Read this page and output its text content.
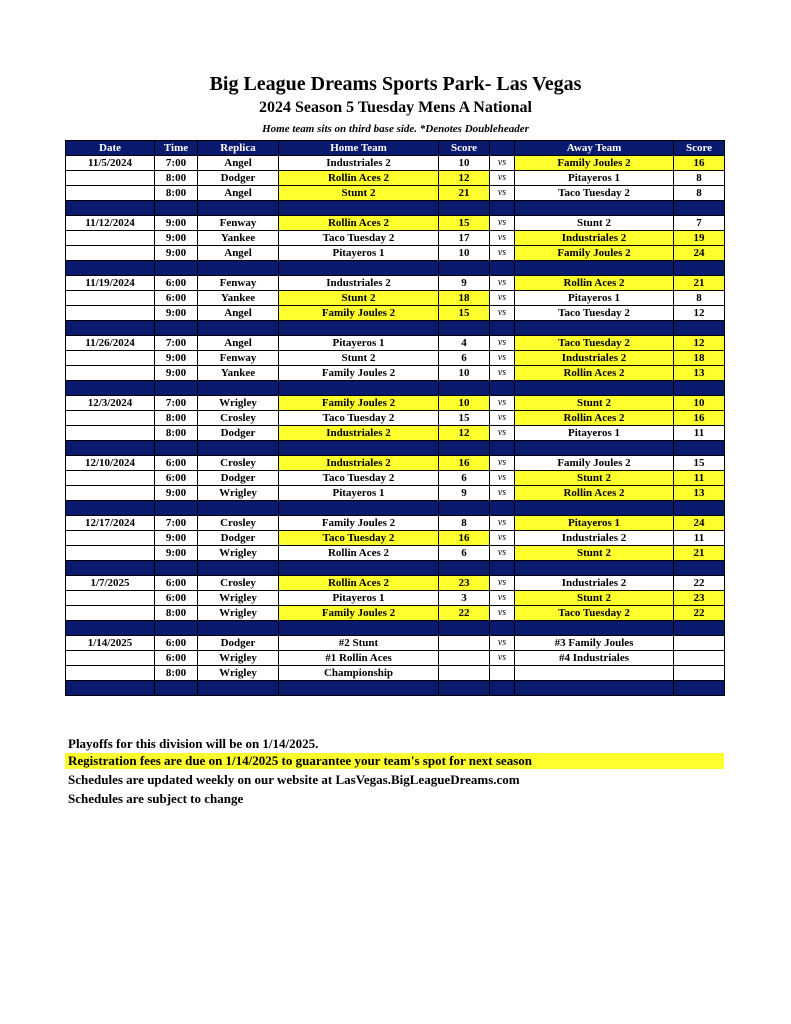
Big League Dreams Sports Park- Las Vegas
2024 Season 5 Tuesday Mens A National
Home team sits on third base side. *Denotes Doubleheader
Date	Time	Replica	Home Team	Score		Away Team	Score
11/5/2024	7:00	Angel	Industriales 2	10	vs	Family Joules 2	16
	8:00	Dodger	Rollin Aces 2	12	vs	Pitayeros 1	8
	8:00	Angel	Stunt 2	21	vs	Taco Tuesday 2	8

11/12/2024	9:00	Fenway	Rollin Aces 2	15	vs	Stunt 2	7
	9:00	Yankee	Taco Tuesday 2	17	vs	Industriales 2	19
	9:00	Angel	Pitayeros 1	10	vs	Family Joules 2	24

11/19/2024	6:00	Fenway	Industriales 2	9	vs	Rollin Aces 2	21
	6:00	Yankee	Stunt 2	18	vs	Pitayeros 1	8
	9:00	Angel	Family Joules 2	15	vs	Taco Tuesday 2	12

11/26/2024	7:00	Angel	Pitayeros 1	4	vs	Taco Tuesday 2	12
	9:00	Fenway	Stunt 2	6	vs	Industriales 2	18
	9:00	Yankee	Family Joules 2	10	vs	Rollin Aces 2	13

12/3/2024	7:00	Wrigley	Family Joules 2	10	vs	Stunt 2	10
	8:00	Crosley	Taco Tuesday 2	15	vs	Rollin Aces 2	16
	8:00	Dodger	Industriales 2	12	vs	Pitayeros 1	11

12/10/2024	6:00	Crosley	Industriales 2	16	vs	Family Joules 2	15
	6:00	Dodger	Taco Tuesday 2	6	vs	Stunt 2	11
	9:00	Wrigley	Pitayeros 1	9	vs	Rollin Aces 2	13

12/17/2024	7:00	Crosley	Family Joules 2	8	vs	Pitayeros 1	24
	9:00	Dodger	Taco Tuesday 2	16	vs	Industriales 2	11
	9:00	Wrigley	Rollin Aces 2	6	vs	Stunt 2	21

1/7/2025	6:00	Crosley	Rollin Aces 2	23	vs	Industriales 2	22
	6:00	Wrigley	Pitayeros 1	3	vs	Stunt 2	23
	8:00	Wrigley	Family Joules 2	22	vs	Taco Tuesday 2	22

1/14/2025	6:00	Dodger	#2 Stunt		vs	#3 Family Joules	
	6:00	Wrigley	#1 Rollin Aces		vs	#4 Industriales	
	8:00	Wrigley	Championship				

Playoffs for this division will be on 1/14/2025.
Registration fees are due on 1/14/2025 to guarantee your team's spot for next season
Schedules are updated weekly on our website at LasVegas.BigLeagueDreams.com
Schedules are subject to change
